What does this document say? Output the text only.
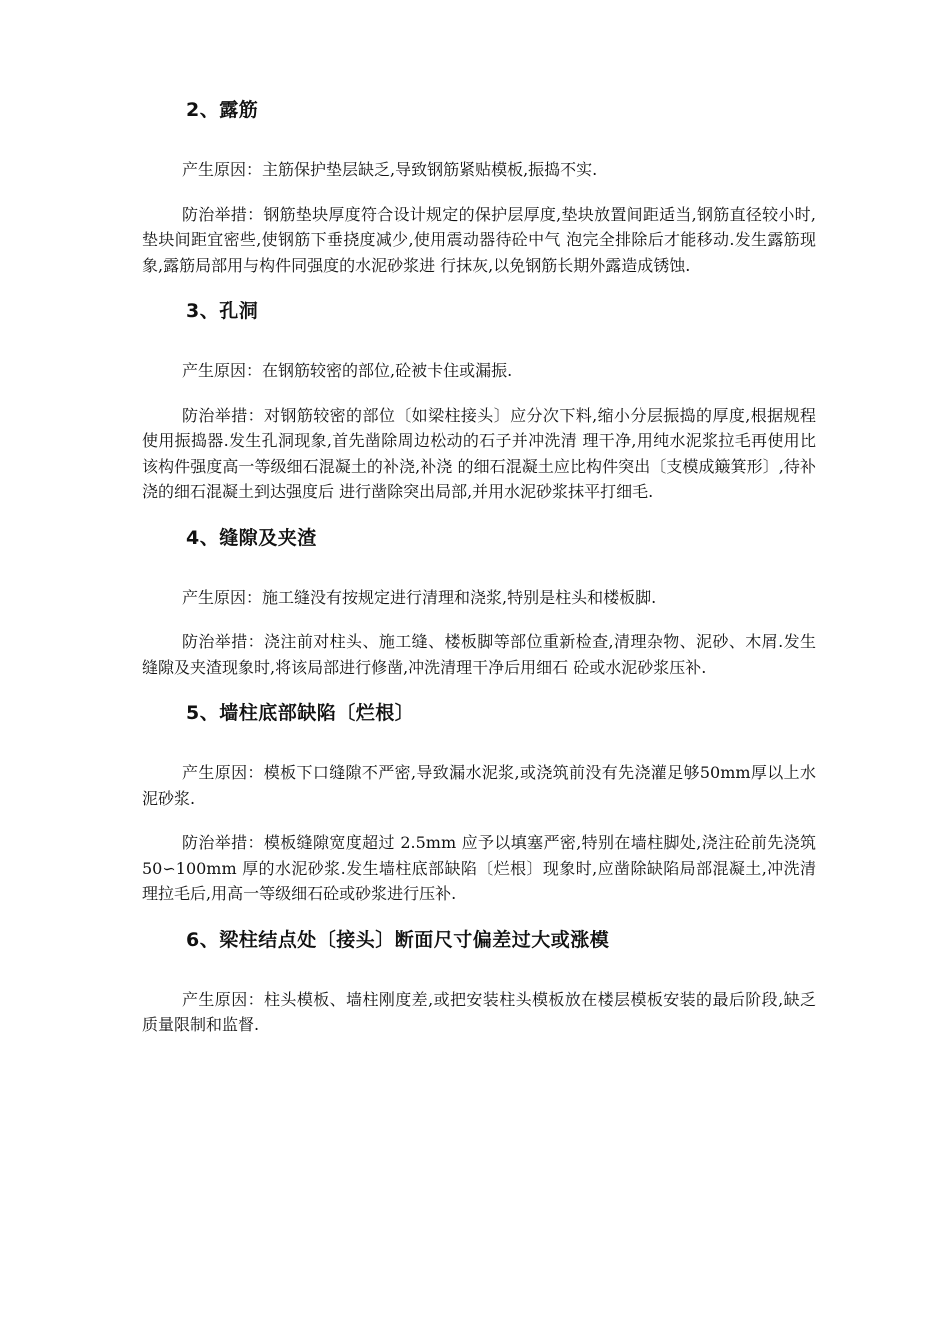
2、露筋

产生原因：主筋保护垫层缺乏,导致钢筋紧贴模板,振捣不实.

防治举措：钢筋垫块厚度符合设计规定的保护层厚度,垫块放置间距适当,钢筋直径较小时,垫块间距宜密些,使钢筋下垂挠度减少,使用震动器待砼中气 泡完全排除后才能移动.发生露筋现象,露筋局部用与构件同强度的水泥砂浆进 行抹灰,以免钢筋长期外露造成锈蚀.

3、孔洞

产生原因：在钢筋较密的部位,砼被卡住或漏振.

防治举措：对钢筋较密的部位〔如梁柱接头〕应分次下料,缩小分层振捣的厚度,根据规程使用振捣器.发生孔洞现象,首先凿除周边松动的石子并冲洗清 理干净,用纯水泥浆拉毛再使用比该构件强度高一等级细石混凝土的补浇,补浇 的细石混凝土应比构件突出〔支模成簸箕形〕,待补浇的细石混凝土到达强度后 进行凿除突出局部,并用水泥砂浆抹平打细毛.

4、缝隙及夹渣

产生原因：施工缝没有按规定进行清理和浇浆,特别是柱头和楼板脚.

防治举措：浇注前对柱头、施工缝、楼板脚等部位重新检查,清理杂物、泥砂、木屑.发生缝隙及夹渣现象时,将该局部进行修凿,冲洗清理干净后用细石 砼或水泥砂浆压补.

5、墙柱底部缺陷〔烂根〕

产生原因：模板下口缝隙不严密,导致漏水泥浆,或浇筑前没有先浇灌足够50mm厚以上水泥砂浆.

防治举措：模板缝隙宽度超过 2.5mm 应予以填塞严密,特别在墙柱脚处,浇注砼前先浇筑 50∽100mm 厚的水泥砂浆.发生墙柱底部缺陷〔烂根〕现象时,应凿除缺陷局部混凝土,冲洗清理拉毛后,用高一等级细石砼或砂浆进行压补.

6、梁柱结点处〔接头〕断面尺寸偏差过大或涨模

产生原因：柱头模板、墙柱刚度差,或把安装柱头模板放在楼层模板安装的最后阶段,缺乏质量限制和监督.
